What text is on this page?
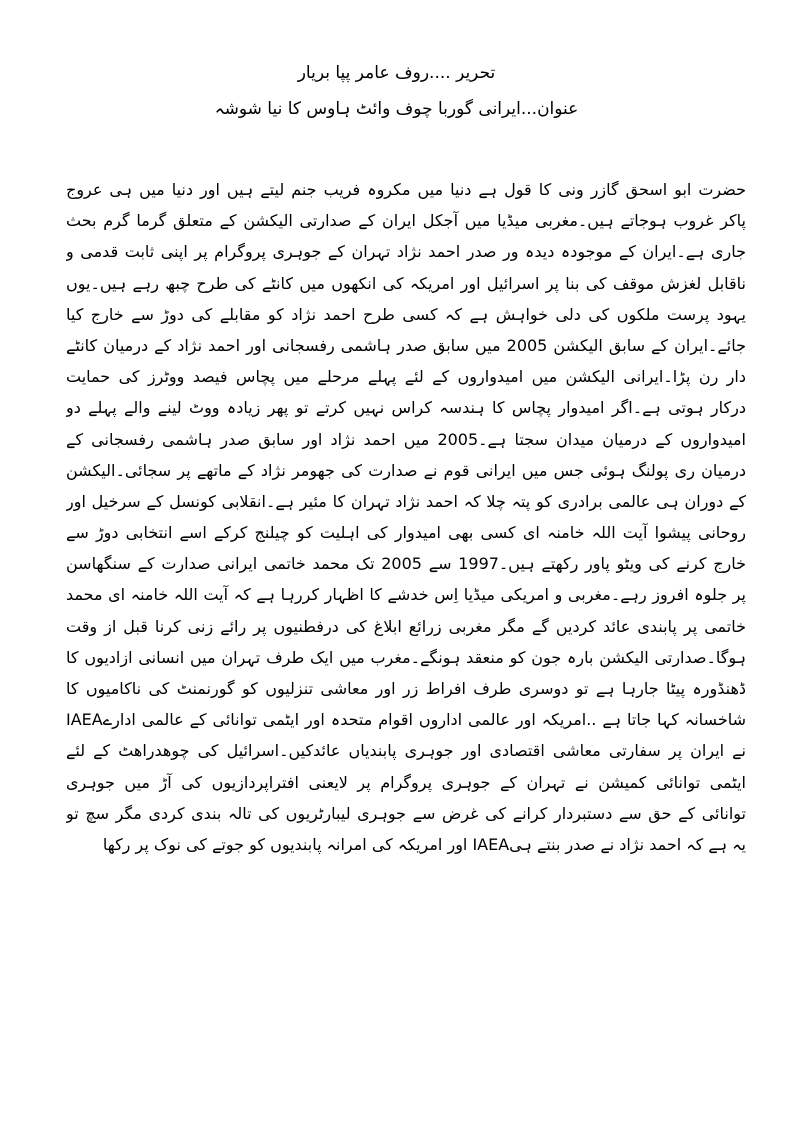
تحریر ....روف عامر پپا بریار
عنوان...ایرانی گوربا چوف وائٹ ہاوس کا نیا شوشہ
حضرت ابو اسحق گازر ونی کا قول ہے دنیا میں مکروہ فریب جنم لیتے ہیں اور دنیا میں ہی عروج
پاکر غروب ہوجاتے ہیں۔مغربی میڈیا میں آجکل ایران کے صدارتی الیکشن کے متعلق گرما گرم بحث
جاری ہے۔ایران کے موجودہ دیدہ ور صدر احمد نژاد تہران کے جوہری پروگرام پر اپنی ثابت قدمی و
ناقابل لغزش موقف کی بنا پر اسرائیل اور امریکہ کی انکھوں میں کانٹے کی طرح چبھ رہے ہیں۔یوں
یہود پرست ملکوں کی دلی خواہش ہے کہ کسی طرح احمد نژاد کو مقابلے کی دوڑ سے خارج کیا
جائے۔ایران کے سابق الیکشن 2005 میں سابق صدر ہاشمی رفسجانی اور احمد نژاد کے درمیان کانٹے
دار رن پڑا۔ایرانی الیکشن میں امیدواروں کے لئے پہلے مرحلے میں پچاس فیصد ووٹرز کی حمایت
درکار ہوتی ہے۔اگر امیدوار پچاس کا ہندسہ کراس نہیں کرتے تو پھر زیادہ ووٹ لینے والے پہلے دو
امیدواروں کے درمیان میدان سجتا ہے۔2005 میں احمد نژاد اور سابق صدر ہاشمی رفسجانی کے
درمیان ری پولنگ ہوئی جس میں ایرانی قوم نے صدارت کی جھومر نژاد کے ماتھے پر سجائی۔الیکشن
کے دوران ہی عالمی برادری کو پتہ چلا کہ احمد نژاد تہران کا مئیر ہے۔انقلابی کونسل کے سرخیل اور
روحانی پیشوا آیت اللہ خامنہ ای کسی بھی امیدوار کی اہلیت کو چیلنج کرکے اسے انتخابی دوڑ سے
خارج کرنے کی ویٹو پاور رکھتے ہیں۔1997 سے 2005 تک محمد خاتمی ایرانی صدارت کے سنگھاسن
پر جلوہ افروز رہے۔مغربی و امریکی میڈیا اِس خدشے کا اظہار کررہا ہے کہ آیت اللہ خامنہ ای محمد
خاتمی پر پابندی عائد کردیں گے مگر مغربی زرائع ابلاغ کی درفطنیوں پر رائے زنی کرنا قبل از وقت
ہوگا۔صدارتی الیکشن بارہ جون کو منعقد ہونگے۔مغرب میں ایک طرف تہران میں انسانی ازادیوں کا
ڈھنڈورہ پیٹا جارہا ہے تو دوسری طرف افراط زر اور معاشی تنزلیوں کو گورنمنٹ کی ناکامیوں کا
شاخسانہ کہا جاتا ہے ..امریکہ اور عالمی اداروں اقوام متحدہ اور ایٹمی توانائی کے عالمی ادارےIAEA
نے ایران پر سفارتی معاشی اقتصادی اور جوہری پابندیاں عائدکیں۔اسرائیل کی چوھدراھٹ کے لئے
ایٹمی توانائی کمیشن نے تہران کے جوہری پروگرام پر لایعنی افتراپردازیوں کی آڑ میں جوہری
توانائی کے حق سے دستبردار کرانے کی غرض سے جوہری لیبارٹریوں کی تالہ بندی کردی مگر سچ تو
یہ ہے کہ احمد نژاد نے صدر بنتے ہیIAEA اور امریکہ کی امرانہ پابندیوں کو جوتے کی نوک پر رکھا
